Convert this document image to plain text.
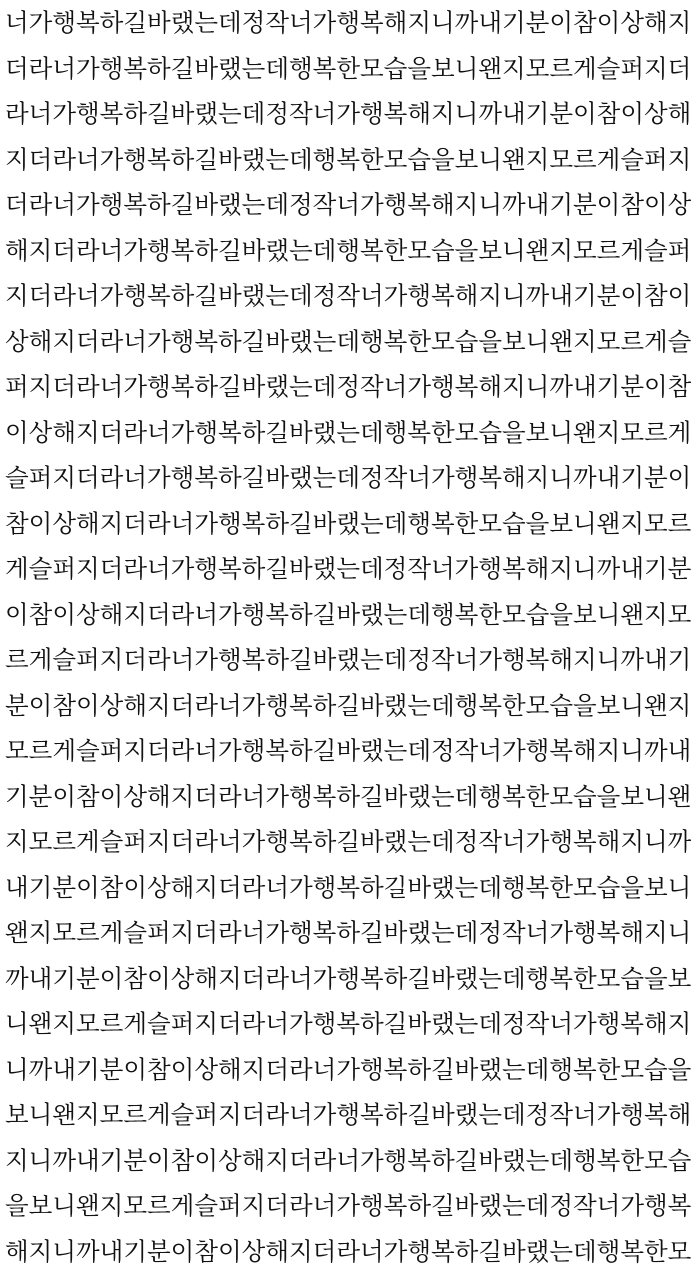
너가행복하길바랬는데정작너가행복해지니까내기분이참이상해지
더라너가행복하길바랬는데행복한모습을보니왠지모르게슬퍼지더
라너가행복하길바랬는데정작너가행복해지니까내기분이참이상해
지더라너가행복하길바랬는데행복한모습을보니왠지모르게슬퍼지
더라너가행복하길바랬는데정작너가행복해지니까내기분이참이상
해지더라너가행복하길바랬는데행복한모습을보니왠지모르게슬퍼
지더라너가행복하길바랬는데정작너가행복해지니까내기분이참이
상해지더라너가행복하길바랬는데행복한모습을보니왠지모르게슬
퍼지더라너가행복하길바랬는데정작너가행복해지니까내기분이참
이상해지더라너가행복하길바랬는데행복한모습을보니왠지모르게
슬퍼지더라너가행복하길바랬는데정작너가행복해지니까내기분이
참이상해지더라너가행복하길바랬는데행복한모습을보니왠지모르
게슬퍼지더라너가행복하길바랬는데정작너가행복해지니까내기분
이참이상해지더라너가행복하길바랬는데행복한모습을보니왠지모
르게슬퍼지더라너가행복하길바랬는데정작너가행복해지니까내기
분이참이상해지더라너가행복하길바랬는데행복한모습을보니왠지
모르게슬퍼지더라너가행복하길바랬는데정작너가행복해지니까내
기분이참이상해지더라너가행복하길바랬는데행복한모습을보니왠
지모르게슬퍼지더라너가행복하길바랬는데정작너가행복해지니까
내기분이참이상해지더라너가행복하길바랬는데행복한모습을보니
왠지모르게슬퍼지더라너가행복하길바랬는데정작너가행복해지니
까내기분이참이상해지더라너가행복하길바랬는데행복한모습을보
니왠지모르게슬퍼지더라너가행복하길바랬는데정작너가행복해지
니까내기분이참이상해지더라너가행복하길바랬는데행복한모습을
보니왠지모르게슬퍼지더라너가행복하길바랬는데정작너가행복해
지니까내기분이참이상해지더라너가행복하길바랬는데행복한모습
을보니왠지모르게슬퍼지더라너가행복하길바랬는데정작너가행복
해지니까내기분이참이상해지더라너가행복하길바랬는데행복한모
